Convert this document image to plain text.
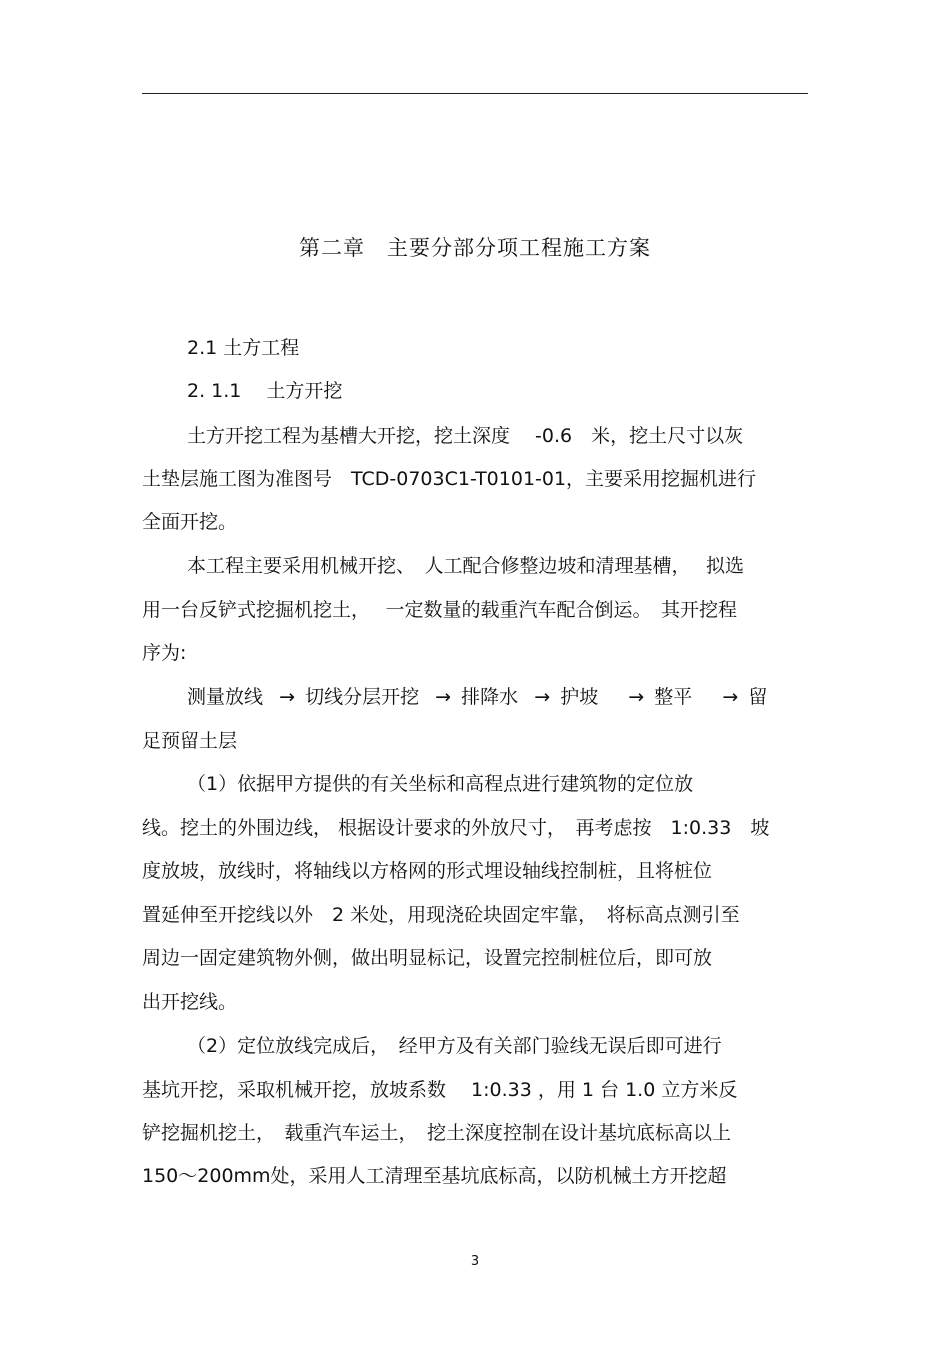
第二章　主要分部分项工程施工方案
2.1 土方工程
2. 1.1　 土方开挖
土方开挖工程为基槽大开挖，挖土深度　 -0.6　米，挖土尺寸以灰
土垫层施工图为准图号　TCD-0703C1-T0101-01，主要采用挖掘机进行
全面开挖。
本工程主要采用机械开挖、　人工配合修整边坡和清理基槽，　 拟选
用一台反铲式挖掘机挖土，　 一定数量的载重汽车配合倒运。　其开挖程
序为:
测量放线 → 切线分层开挖 → 排降水 → 护坡 → 整平 → 留
足预留土层
（1）依据甲方提供的有关坐标和高程点进行建筑物的定位放
线。挖土的外围边线， 根据设计要求的外放尺寸，　再考虑按　1:0.33　坡
度放坡，放线时，将轴线以方格网的形式埋设轴线控制桩，且将桩位
置延伸至开挖线以外　2 米处，用现浇砼块固定牢靠，　将标高点测引至
周边一固定建筑物外侧，做出明显标记，设置完控制桩位后，即可放
出开挖线。
（2）定位放线完成后，　经甲方及有关部门验线无误后即可进行
基坑开挖，采取机械开挖，放坡系数　 1:0.33 ，用 1 台 1.0 立方米反
铲挖掘机挖土，　载重汽车运土，　挖土深度控制在设计基坑底标高以上
150～200mm处，采用人工清理至基坑底标高，以防机械土方开挖超
3
